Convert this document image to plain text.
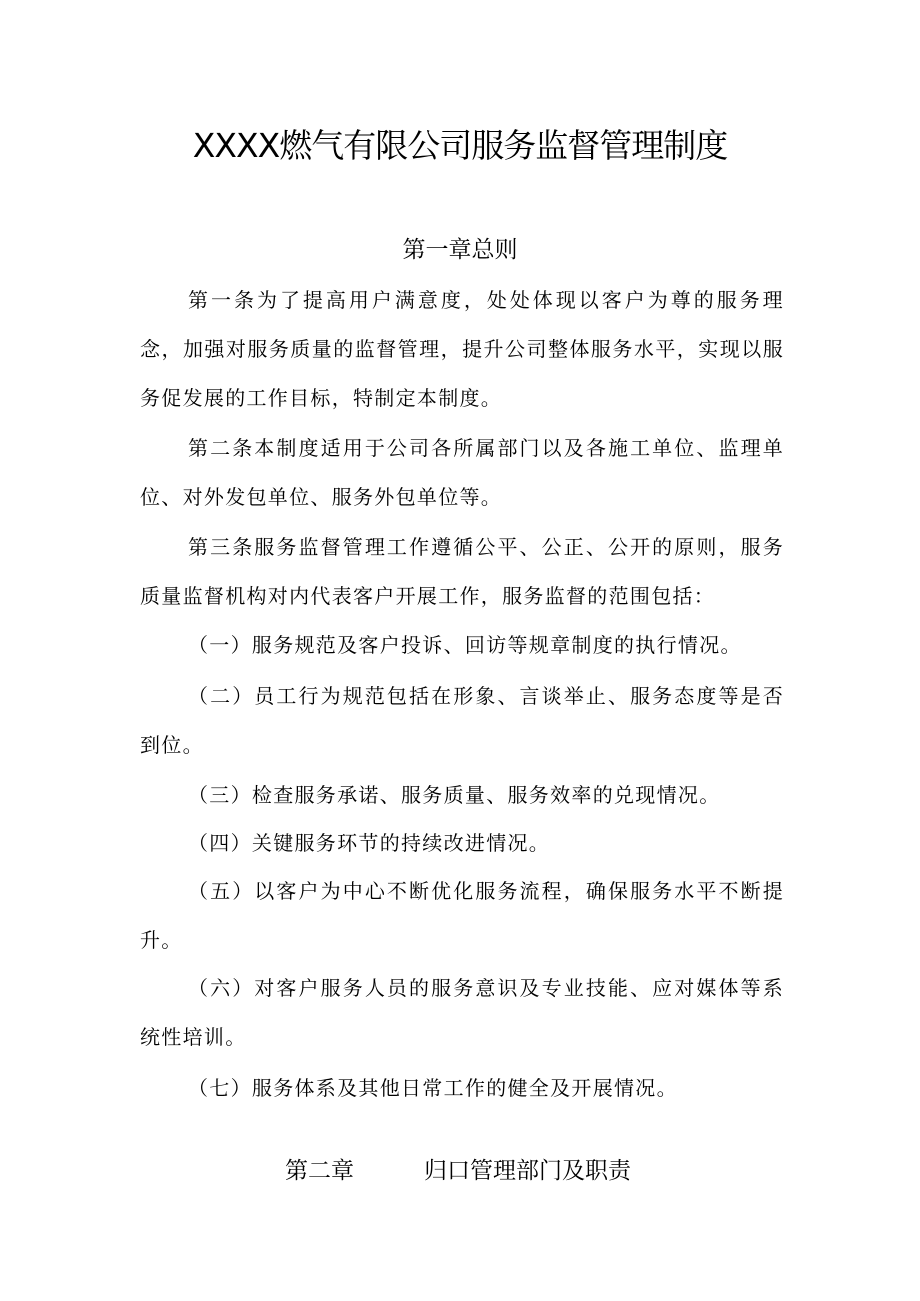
XXXX燃气有限公司服务监督管理制度
第一章总则
第一条为了提高用户满意度，处处体现以客户为尊的服务理念，加强对服务质量的监督管理，提升公司整体服务水平，实现以服务促发展的工作目标，特制定本制度。
第二条本制度适用于公司各所属部门以及各施工单位、监理单位、对外发包单位、服务外包单位等。
第三条服务监督管理工作遵循公平、公正、公开的原则，服务质量监督机构对内代表客户开展工作，服务监督的范围包括：
（一）服务规范及客户投诉、回访等规章制度的执行情况。
（二）员工行为规范包括在形象、言谈举止、服务态度等是否到位。
（三）检查服务承诺、服务质量、服务效率的兑现情况。
（四）关键服务环节的持续改进情况。
（五）以客户为中心不断优化服务流程，确保服务水平不断提升。
（六）对客户服务人员的服务意识及专业技能、应对媒体等系统性培训。
（七）服务体系及其他日常工作的健全及开展情况。
第二章	归口管理部门及职责
